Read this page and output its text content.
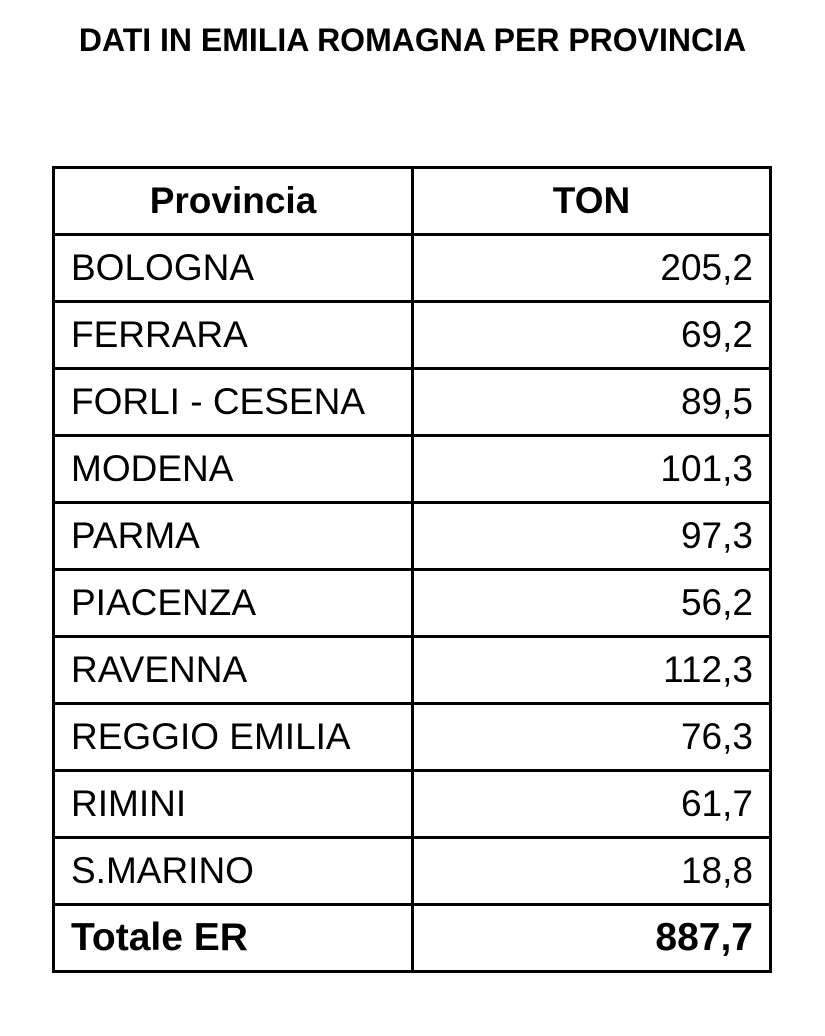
DATI IN EMILIA ROMAGNA PER PROVINCIA
Provincia	TON
BOLOGNA	205,2
FERRARA	69,2
FORLI - CESENA	89,5
MODENA	101,3
PARMA	97,3
PIACENZA	56,2
RAVENNA	112,3
REGGIO EMILIA	76,3
RIMINI	61,7
S.MARINO	18,8
Totale ER	887,7
